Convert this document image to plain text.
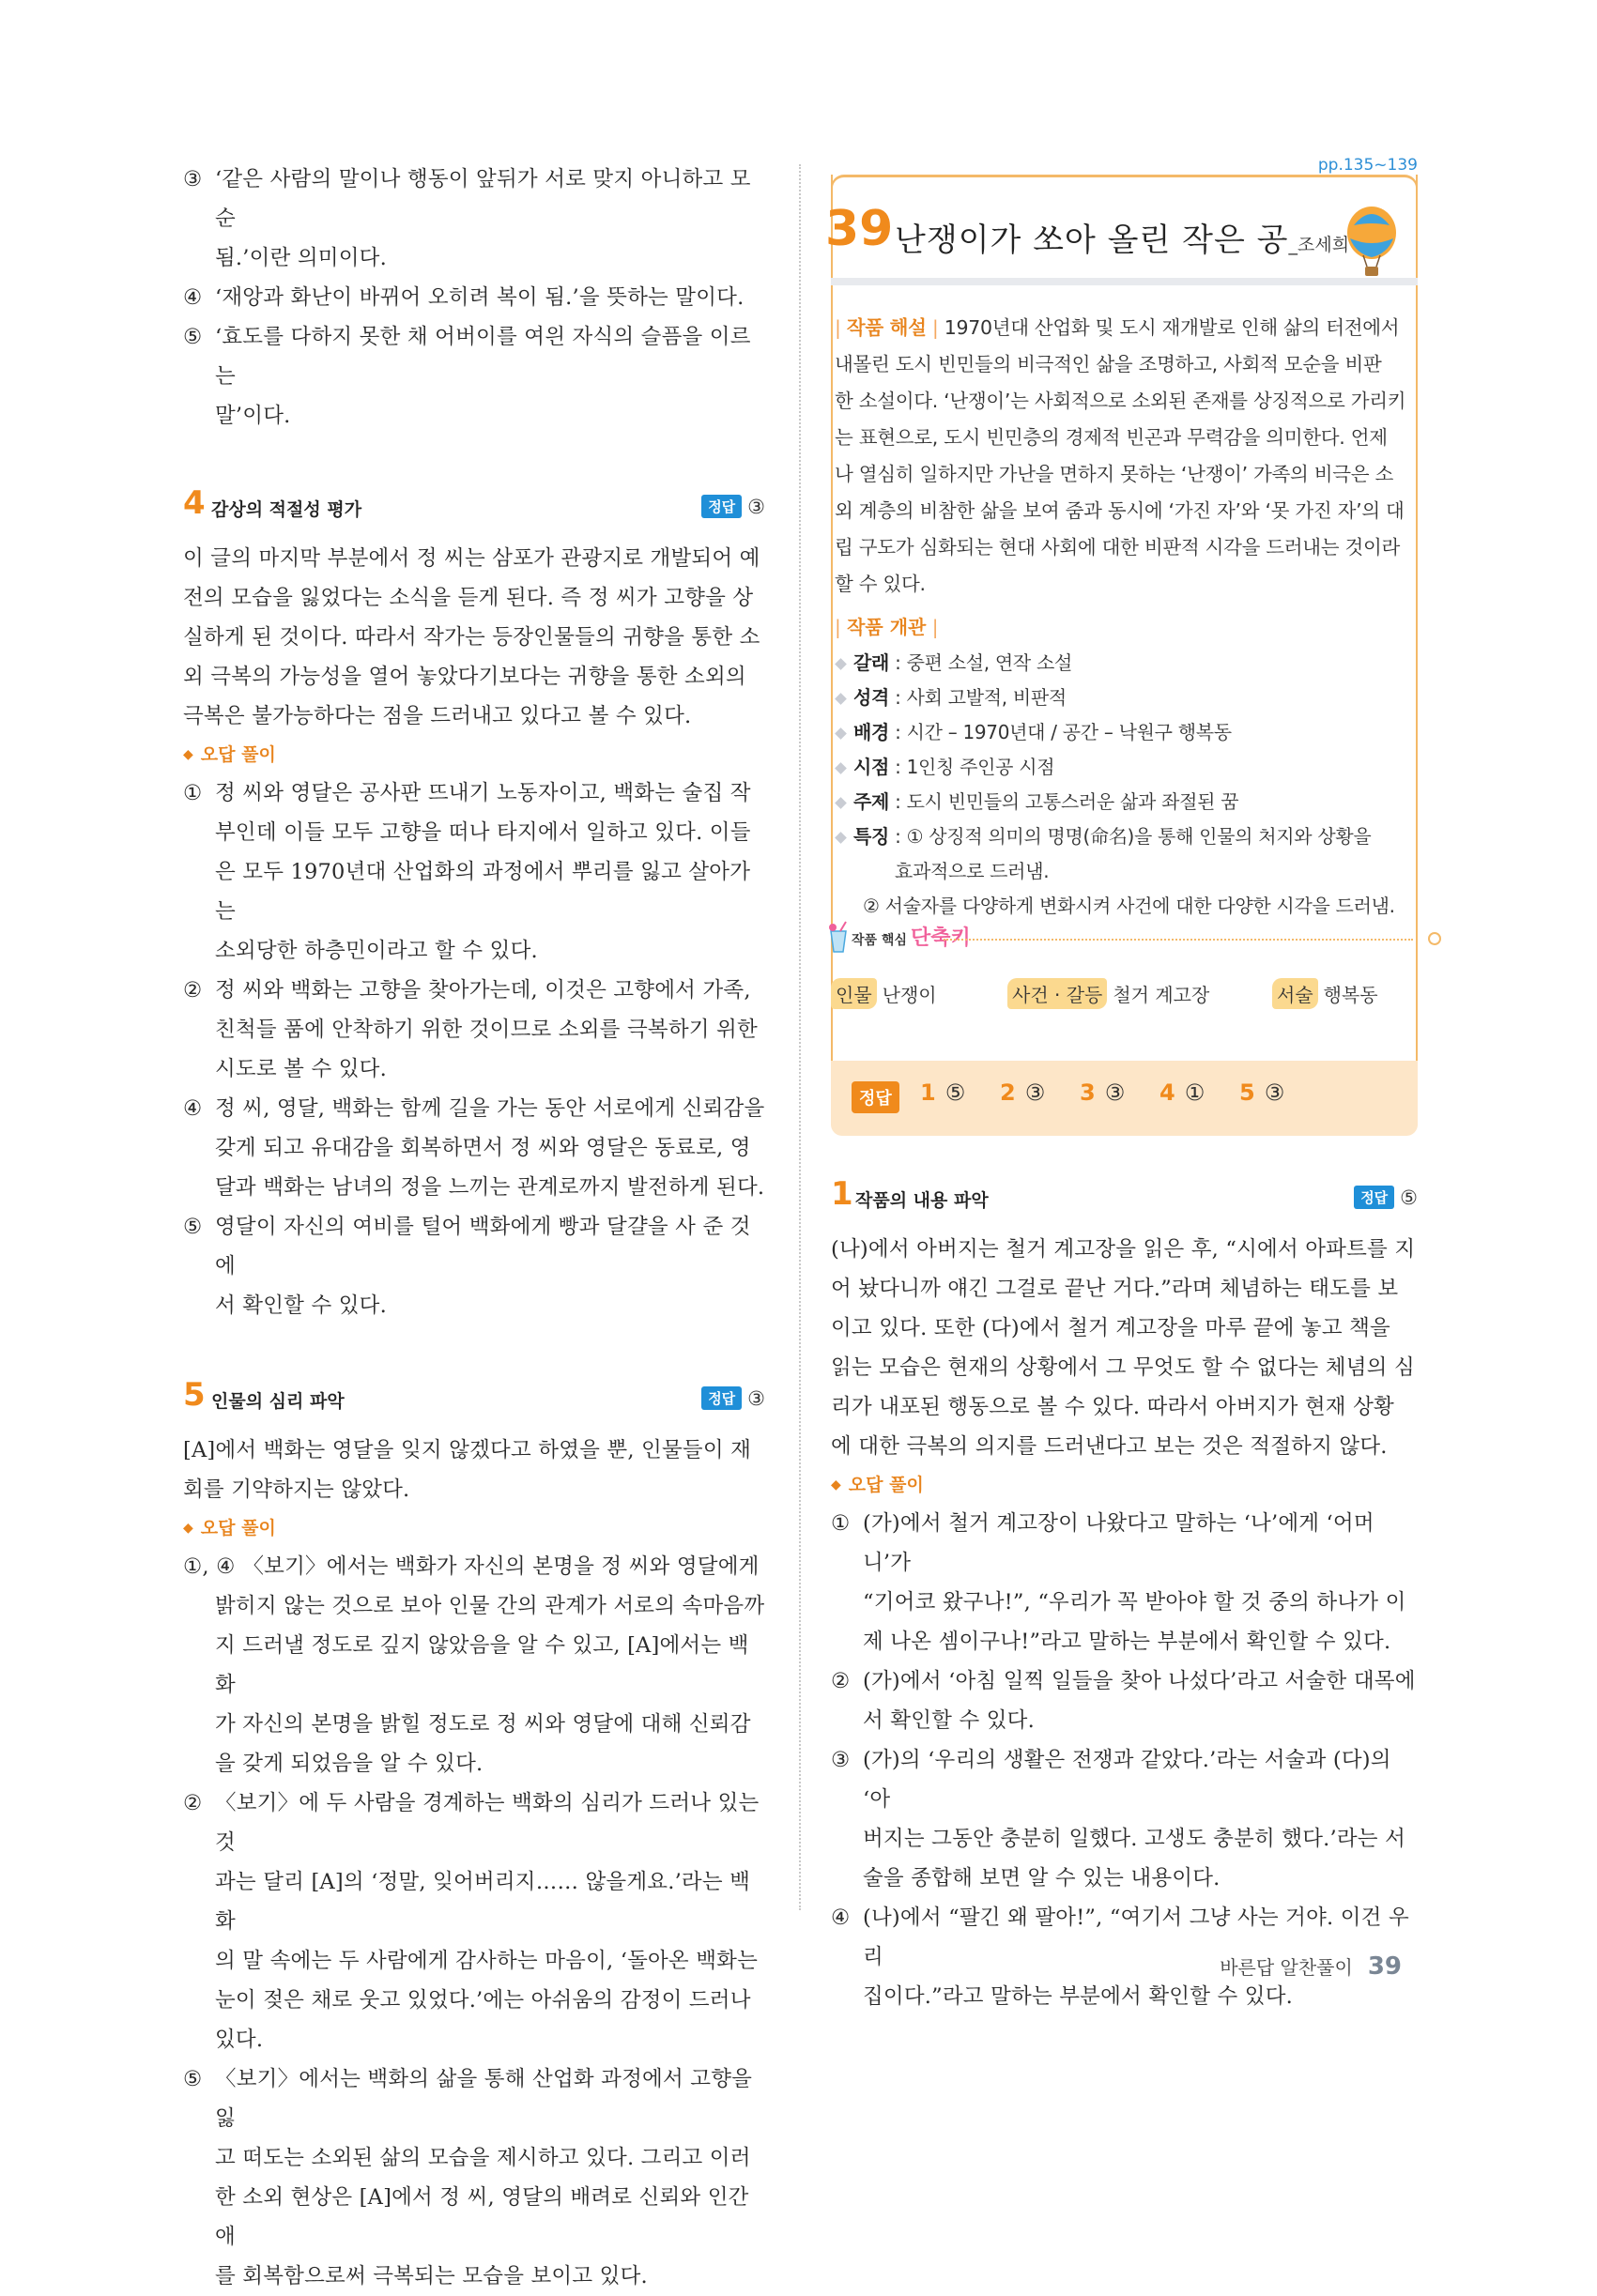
③ ‘같은 사람의 말이나 행동이 앞뒤가 서로 맞지 아니하고 모순
됨.’이란 의미이다.
④ ‘재앙과 화난이 바뀌어 오히려 복이 됨.’을 뜻하는 말이다.
⑤ ‘효도를 다하지 못한 채 어버이를 여읜 자식의 슬픔을 이르는
말’이다.
4 감상의 적절성 평가	정답 ③
이 글의 마지막 부분에서 정 씨는 삼포가 관광지로 개발되어 예
전의 모습을 잃었다는 소식을 듣게 된다. 즉 정 씨가 고향을 상
실하게 된 것이다. 따라서 작가는 등장인물들의 귀향을 통한 소
외 극복의 가능성을 열어 놓았다기보다는 귀향을 통한 소외의
극복은 불가능하다는 점을 드러내고 있다고 볼 수 있다.
◆ 오답 풀이
① 정 씨와 영달은 공사판 뜨내기 노동자이고, 백화는 술집 작
부인데 이들 모두 고향을 떠나 타지에서 일하고 있다. 이들
은 모두 1970년대 산업화의 과정에서 뿌리를 잃고 살아가는
소외당한 하층민이라고 할 수 있다.
② 정 씨와 백화는 고향을 찾아가는데, 이것은 고향에서 가족,
친척들 품에 안착하기 위한 것이므로 소외를 극복하기 위한
시도로 볼 수 있다.
④ 정 씨, 영달, 백화는 함께 길을 가는 동안 서로에게 신뢰감을
갖게 되고 유대감을 회복하면서 정 씨와 영달은 동료로, 영
달과 백화는 남녀의 정을 느끼는 관계로까지 발전하게 된다.
⑤ 영달이 자신의 여비를 털어 백화에게 빵과 달걀을 사 준 것에
서 확인할 수 있다.
5 인물의 심리 파악	정답 ③
[A]에서 백화는 영달을 잊지 않겠다고 하였을 뿐, 인물들이 재
회를 기약하지는 않았다.
◆ 오답 풀이
①, ④ 〈보기〉에서는 백화가 자신의 본명을 정 씨와 영달에게
밝히지 않는 것으로 보아 인물 간의 관계가 서로의 속마음까
지 드러낼 정도로 깊지 않았음을 알 수 있고, [A]에서는 백화
가 자신의 본명을 밝힐 정도로 정 씨와 영달에 대해 신뢰감
을 갖게 되었음을 알 수 있다.
② 〈보기〉에 두 사람을 경계하는 백화의 심리가 드러나 있는 것
과는 달리 [A]의 ‘정말, 잊어버리지…… 않을게요.’라는 백화
의 말 속에는 두 사람에게 감사하는 마음이, ‘돌아온 백화는
눈이 젖은 채로 웃고 있었다.’에는 아쉬움의 감정이 드러나
있다.
⑤ 〈보기〉에서는 백화의 삶을 통해 산업화 과정에서 고향을 잃
고 떠도는 소외된 삶의 모습을 제시하고 있다. 그리고 이러
한 소외 현상은 [A]에서 정 씨, 영달의 배려로 신뢰와 인간애
를 회복함으로써 극복되는 모습을 보이고 있다.
pp.135~139
39 난쟁이가 쏘아 올린 작은 공_조세희
| 작품 해설 | 1970년대 산업화 및 도시 재개발로 인해 삶의 터전에서
내몰린 도시 빈민들의 비극적인 삶을 조명하고, 사회적 모순을 비판
한 소설이다. ‘난쟁이’는 사회적으로 소외된 존재를 상징적으로 가리키
는 표현으로, 도시 빈민층의 경제적 빈곤과 무력감을 의미한다. 언제
나 열심히 일하지만 가난을 면하지 못하는 ‘난쟁이’ 가족의 비극은 소
외 계층의 비참한 삶을 보여 줌과 동시에 ‘가진 자’와 ‘못 가진 자’의 대
립 구도가 심화되는 현대 사회에 대한 비판적 시각을 드러내는 것이라
할 수 있다.
| 작품 개관 |
갈래 : 중편 소설, 연작 소설
성격 : 사회 고발적, 비판적
배경 : 시간 – 1970년대 / 공간 – 낙원구 행복동
시점 : 1인칭 주인공 시점
주제 : 도시 빈민들의 고통스러운 삶과 좌절된 꿈
특징 : ① 상징적 의미의 명명(命名)을 통해 인물의 처지와 상황을
효과적으로 드러냄.
② 서술자를 다양하게 변화시켜 사건에 대한 다양한 시각을 드러냄.
작품 핵심 단축키
인물 난쟁이	사건 · 갈등 철거 계고장	서술 행복동
정답	1 ⑤ 2 ③ 3 ③ 4 ① 5 ③
1 작품의 내용 파악	정답 ⑤
(나)에서 아버지는 철거 계고장을 읽은 후, “시에서 아파트를 지
어 놨다니까 얘긴 그걸로 끝난 거다.”라며 체념하는 태도를 보
이고 있다. 또한 (다)에서 철거 계고장을 마루 끝에 놓고 책을
읽는 모습은 현재의 상황에서 그 무엇도 할 수 없다는 체념의 심
리가 내포된 행동으로 볼 수 있다. 따라서 아버지가 현재 상황
에 대한 극복의 의지를 드러낸다고 보는 것은 적절하지 않다.
◆ 오답 풀이
① (가)에서 철거 계고장이 나왔다고 말하는 ‘나’에게 ‘어머니’가
“기어코 왔구나!”, “우리가 꼭 받아야 할 것 중의 하나가 이
제 나온 셈이구나!”라고 말하는 부분에서 확인할 수 있다.
② (가)에서 ‘아침 일찍 일들을 찾아 나섰다’라고 서술한 대목에
서 확인할 수 있다.
③ (가)의 ‘우리의 생활은 전쟁과 같았다.’라는 서술과 (다)의 ‘아
버지는 그동안 충분히 일했다. 고생도 충분히 했다.’라는 서
술을 종합해 보면 알 수 있는 내용이다.
④ (나)에서 “팔긴 왜 팔아!”, “여기서 그냥 사는 거야. 이건 우리
집이다.”라고 말하는 부분에서 확인할 수 있다.
바른답 알찬풀이 39
